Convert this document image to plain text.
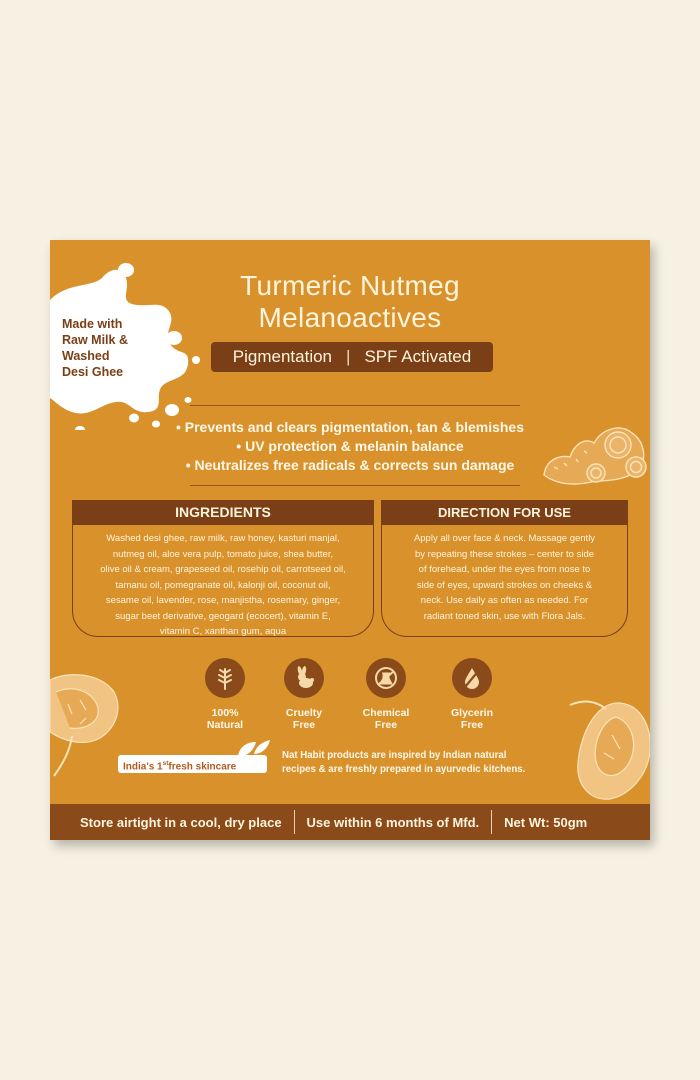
Made with
Raw Milk &
Washed
Desi Ghee
Turmeric Nutmeg
Melanoactives
Pigmentation | SPF Activated
• Prevents and clears pigmentation, tan & blemishes
• UV protection & melanin balance
• Neutralizes free radicals & corrects sun damage
INGREDIENTS
Washed desi ghee, raw milk, raw honey, kasturi manjal,
nutmeg oil, aloe vera pulp, tomato juice, shea butter,
olive oil & cream, grapeseed oil, rosehip oil, carrotseed oil,
tamanu oil, pomegranate oil, kalonji oil, coconut oil,
sesame oil, lavender, rose, manjistha, rosemary, ginger,
sugar beet derivative, geogard (ecocert), vitamin E,
vitamin C, xanthan gum, aqua
DIRECTION FOR USE
Apply all over face & neck. Massage gently
by repeating these strokes – center to side
of forehead, under the eyes from nose to
side of eyes, upward strokes on cheeks &
neck. Use daily as often as needed. For
radiant toned skin, use with Flora Jals.
100%
Natural
Cruelty
Free
Chemical
Free
Glycerin
Free
India's 1stfresh skincare
Nat Habit products are inspired by Indian natural
recipes & are freshly prepared in ayurvedic kitchens.
Store airtight in a cool, dry place Use within 6 months of Mfd. Net Wt: 50gm
